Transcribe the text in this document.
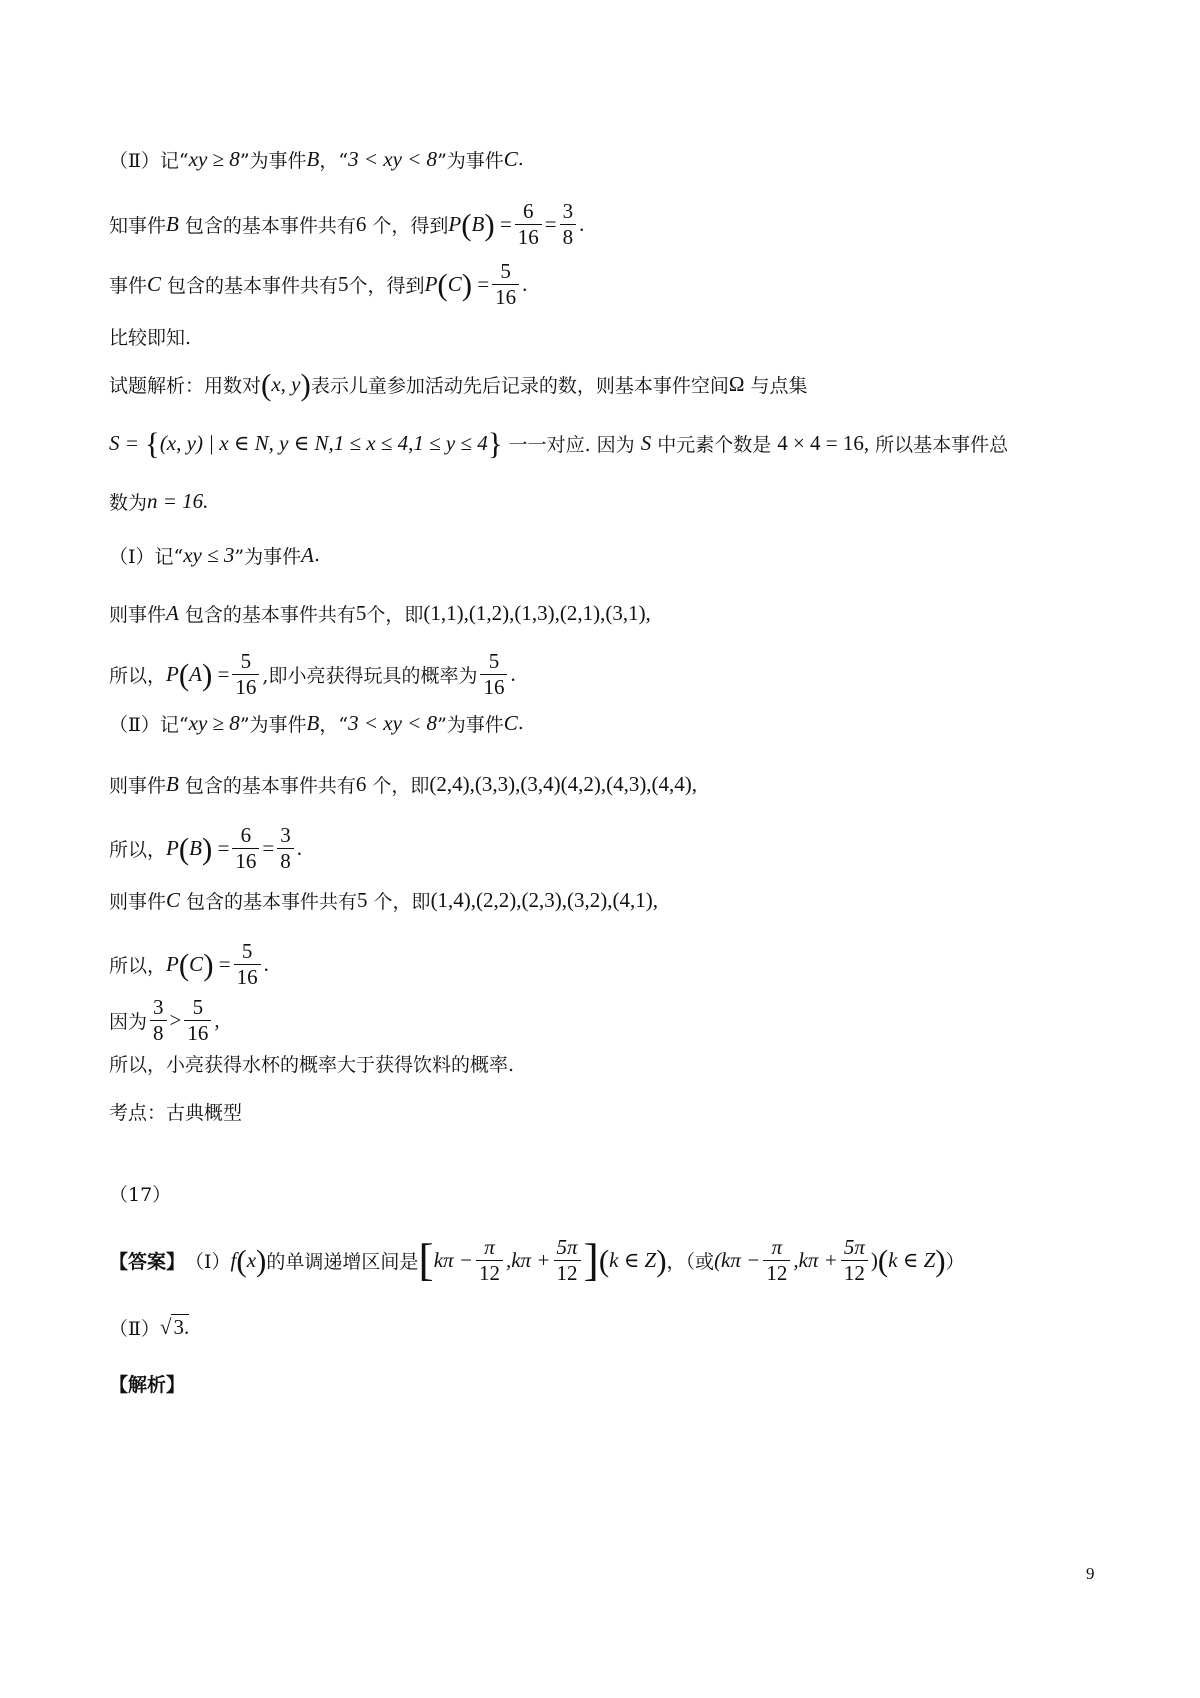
（Ⅱ）记“ xy ≥ 8 ”为事件 B ，“ 3 < xy < 8 ”为事件 C .
知事件 B 包含的基本事件共有 6 个，得到 P ( B ) = $\frac{6}{16} = \frac{3}{8}$ .
事件 C 包含的基本事件共有 5 个，得到 P ( C ) = $\frac{5}{16}$ .
比较即知.
试题解析：用数对 ( x, y ) 表示儿童参加活动先后记录的数，则基本事件空间 Ω 与点集
S = { (x, y) | x ∈ N, y ∈ N,1 ≤ x ≤ 4,1 ≤ y ≤ 4 } 一一对应. 因为 S 中元素个数是 4 × 4 = 16, 所以基本事件总
数为 n = 16.
（Ⅰ）记“ xy ≤ 3 ”为事件 A .
则事件 A 包含的基本事件共有 5 个，即 (1,1),(1,2),(1,3),(2,1),(3,1),
所以， P ( A ) = $\frac{5}{16}$ ,即小亮获得玩具的概率为 $\frac{5}{16}$ .
（Ⅱ）记“ xy ≥ 8 ”为事件 B ，“ 3 < xy < 8 ”为事件 C .
则事件 B 包含的基本事件共有 6 个，即 (2,4),(3,3),(3,4)(4,2),(4,3),(4,4),
所以， P ( B ) = $\frac{6}{16} = \frac{3}{8}$ .
则事件 C 包含的基本事件共有 5 个，即 (1,4),(2,2),(2,3),(3,2),(4,1),
所以， P ( C ) = $\frac{5}{16}$ .
因为 $\frac{3}{8} > \frac{5}{16}$ ,
所以，小亮获得水杯的概率大于获得饮料的概率.
考点：古典概型
（17）
【答案】 （Ⅰ） f ( x ) 的单调递增区间是 [ $k\pi - \frac{\pi}{12} ,k\pi + \frac{5\pi}{12}$ ] ( k ∈ Z ) ，（或 ($k\pi - \frac{\pi}{12} ,k\pi + \frac{5\pi}{12}$ ) ( k ∈ Z ) ）
（Ⅱ） √ 3.
【解析】
9
